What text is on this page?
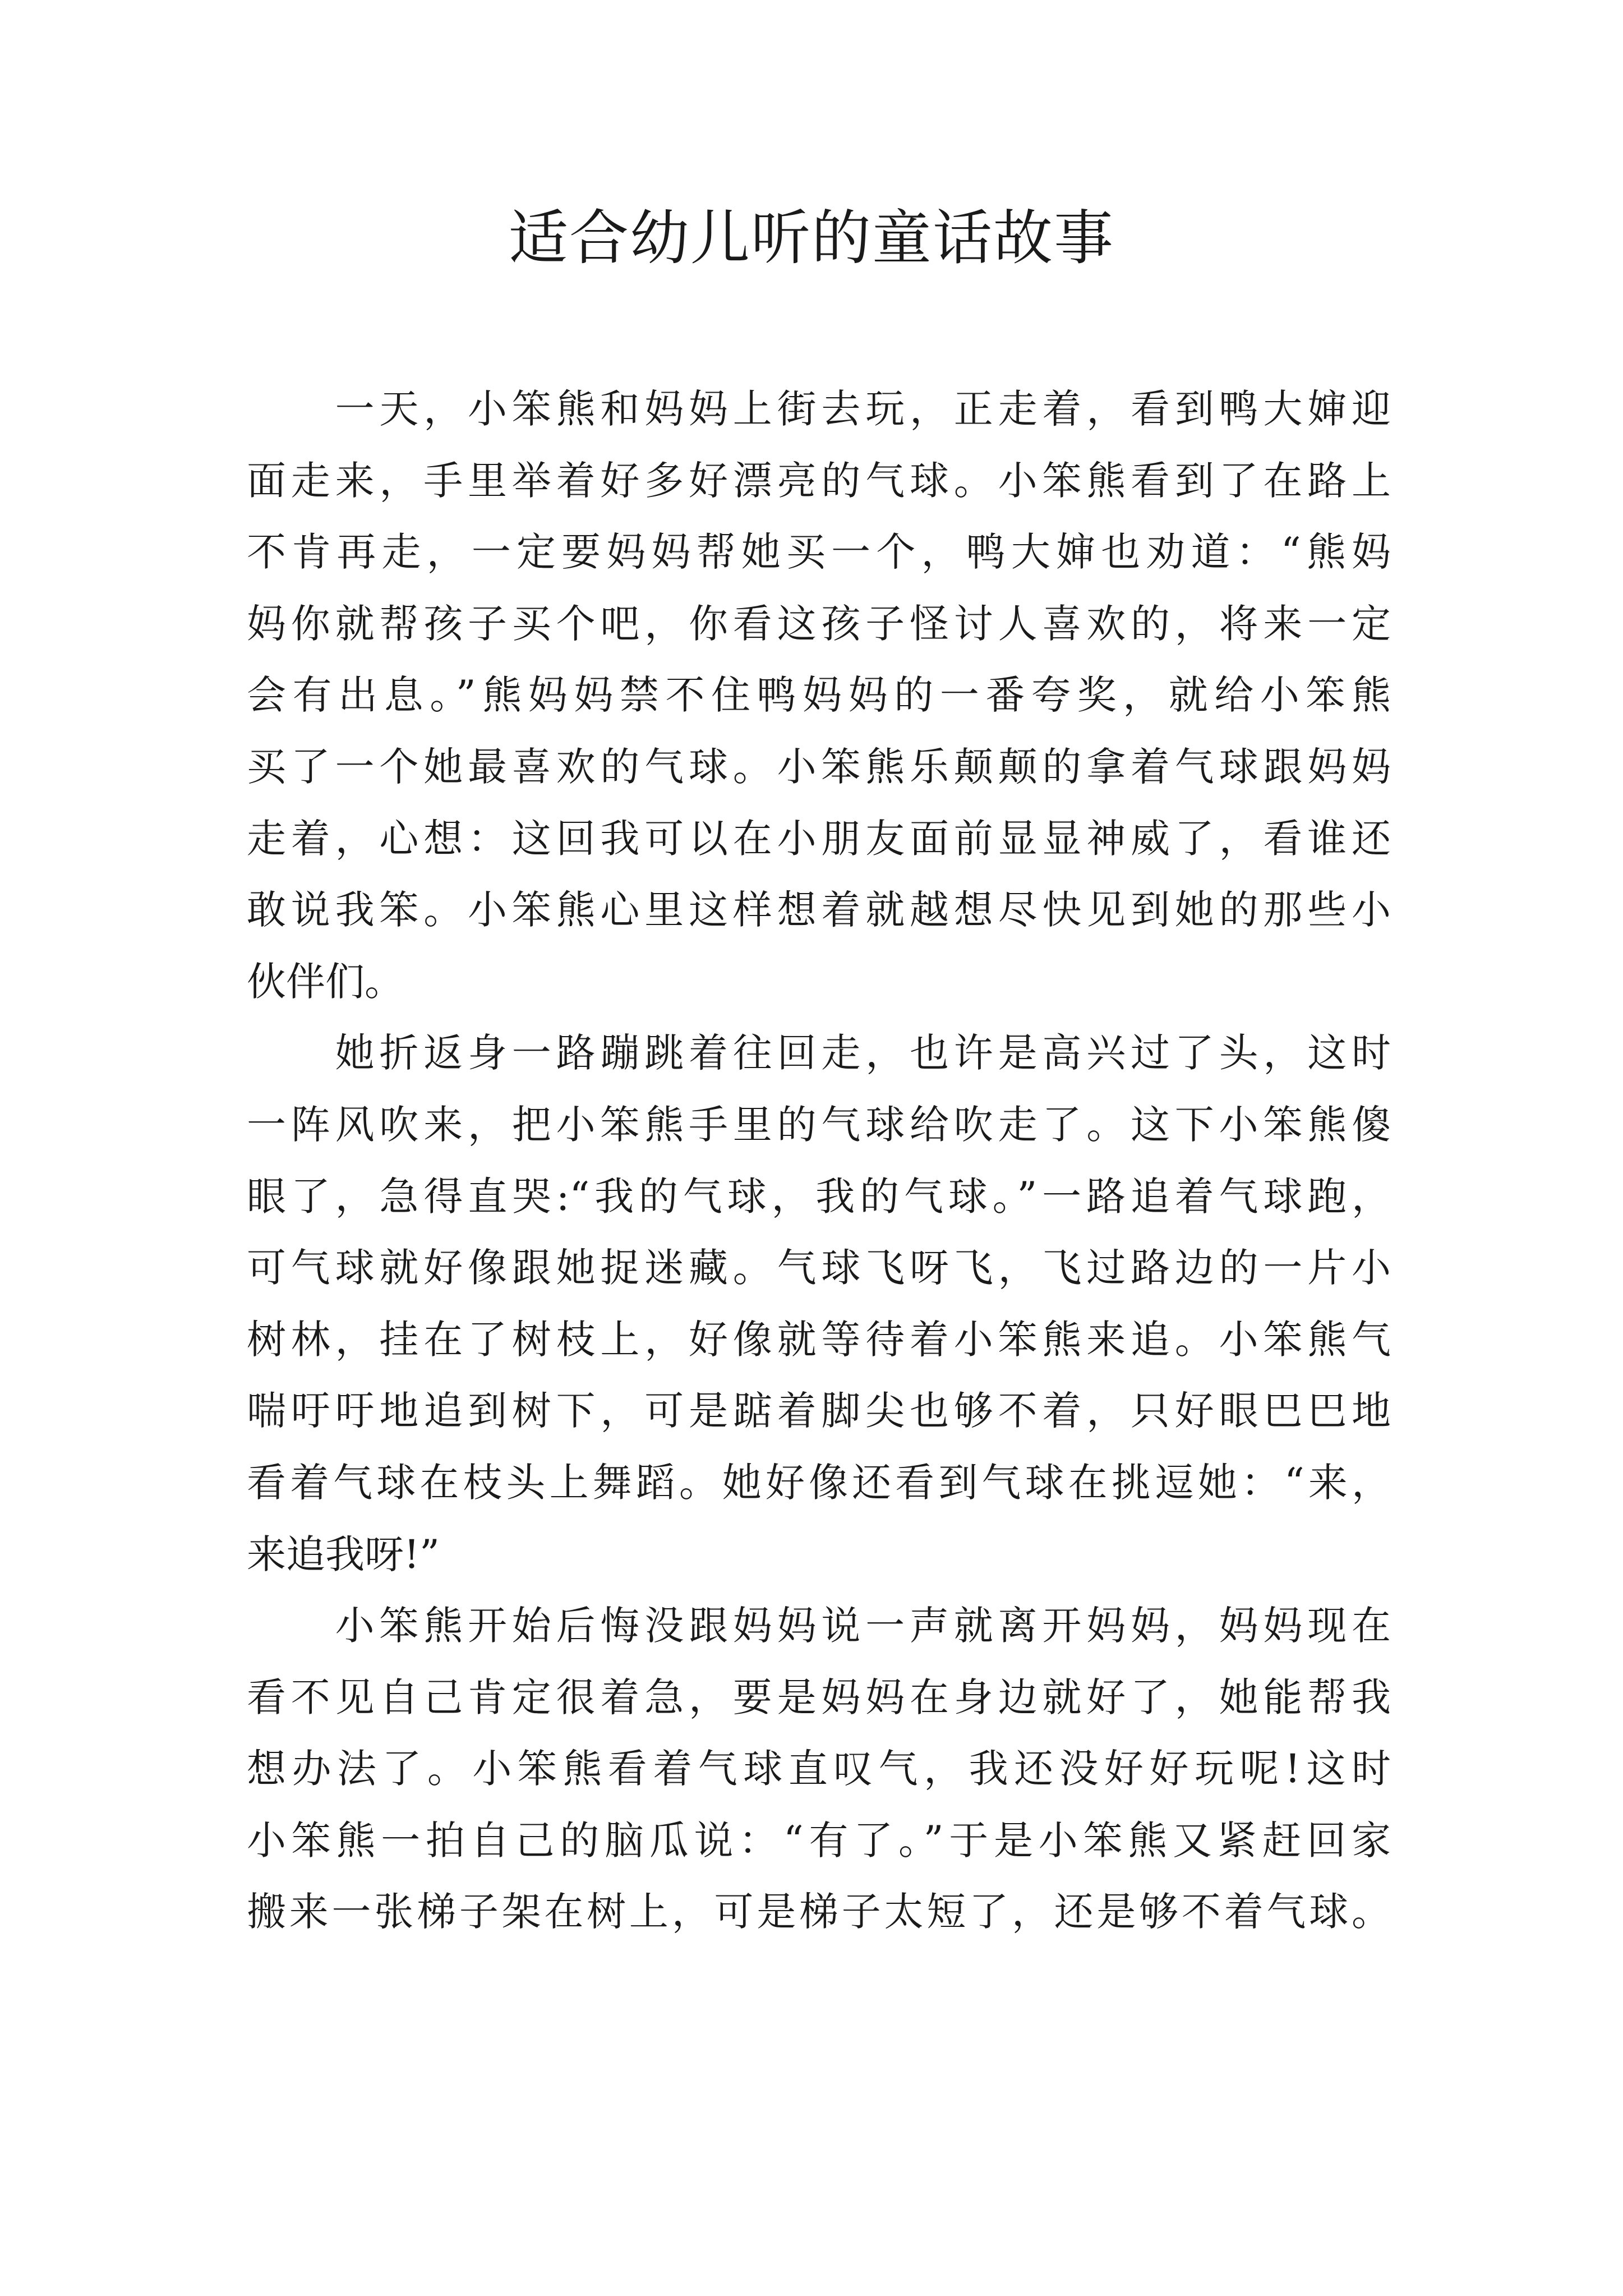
适合幼儿听的童话故事
　　一天，小笨熊和妈妈上街去玩，正走着，看到鸭大婶迎
面走来，手里举着好多好漂亮的气球。小笨熊看到了在路上
不肯再走，一定要妈妈帮她买一个，鸭大婶也劝道：“熊妈
妈你就帮孩子买个吧，你看这孩子怪讨人喜欢的，将来一定
会有出息。”熊妈妈禁不住鸭妈妈的一番夸奖，就给小笨熊
买了一个她最喜欢的气球。小笨熊乐颠颠的拿着气球跟妈妈
走着，心想：这回我可以在小朋友面前显显神威了，看谁还
敢说我笨。小笨熊心里这样想着就越想尽快见到她的那些小
伙伴们。
　　她折返身一路蹦跳着往回走，也许是高兴过了头，这时
一阵风吹来，把小笨熊手里的气球给吹走了。这下小笨熊傻
眼了，急得直哭:“我的气球，我的气球。”一路追着气球跑，
可气球就好像跟她捉迷藏。气球飞呀飞，飞过路边的一片小
树林，挂在了树枝上，好像就等待着小笨熊来追。小笨熊气
喘吁吁地追到树下，可是踮着脚尖也够不着，只好眼巴巴地
看着气球在枝头上舞蹈。她好像还看到气球在挑逗她：“来，
来追我呀!”
　　小笨熊开始后悔没跟妈妈说一声就离开妈妈，妈妈现在
看不见自己肯定很着急，要是妈妈在身边就好了，她能帮我
想办法了。小笨熊看着气球直叹气，我还没好好玩呢!这时
小笨熊一拍自己的脑瓜说：“有了。”于是小笨熊又紧赶回家
搬来一张梯子架在树上，可是梯子太短了，还是够不着气球。
